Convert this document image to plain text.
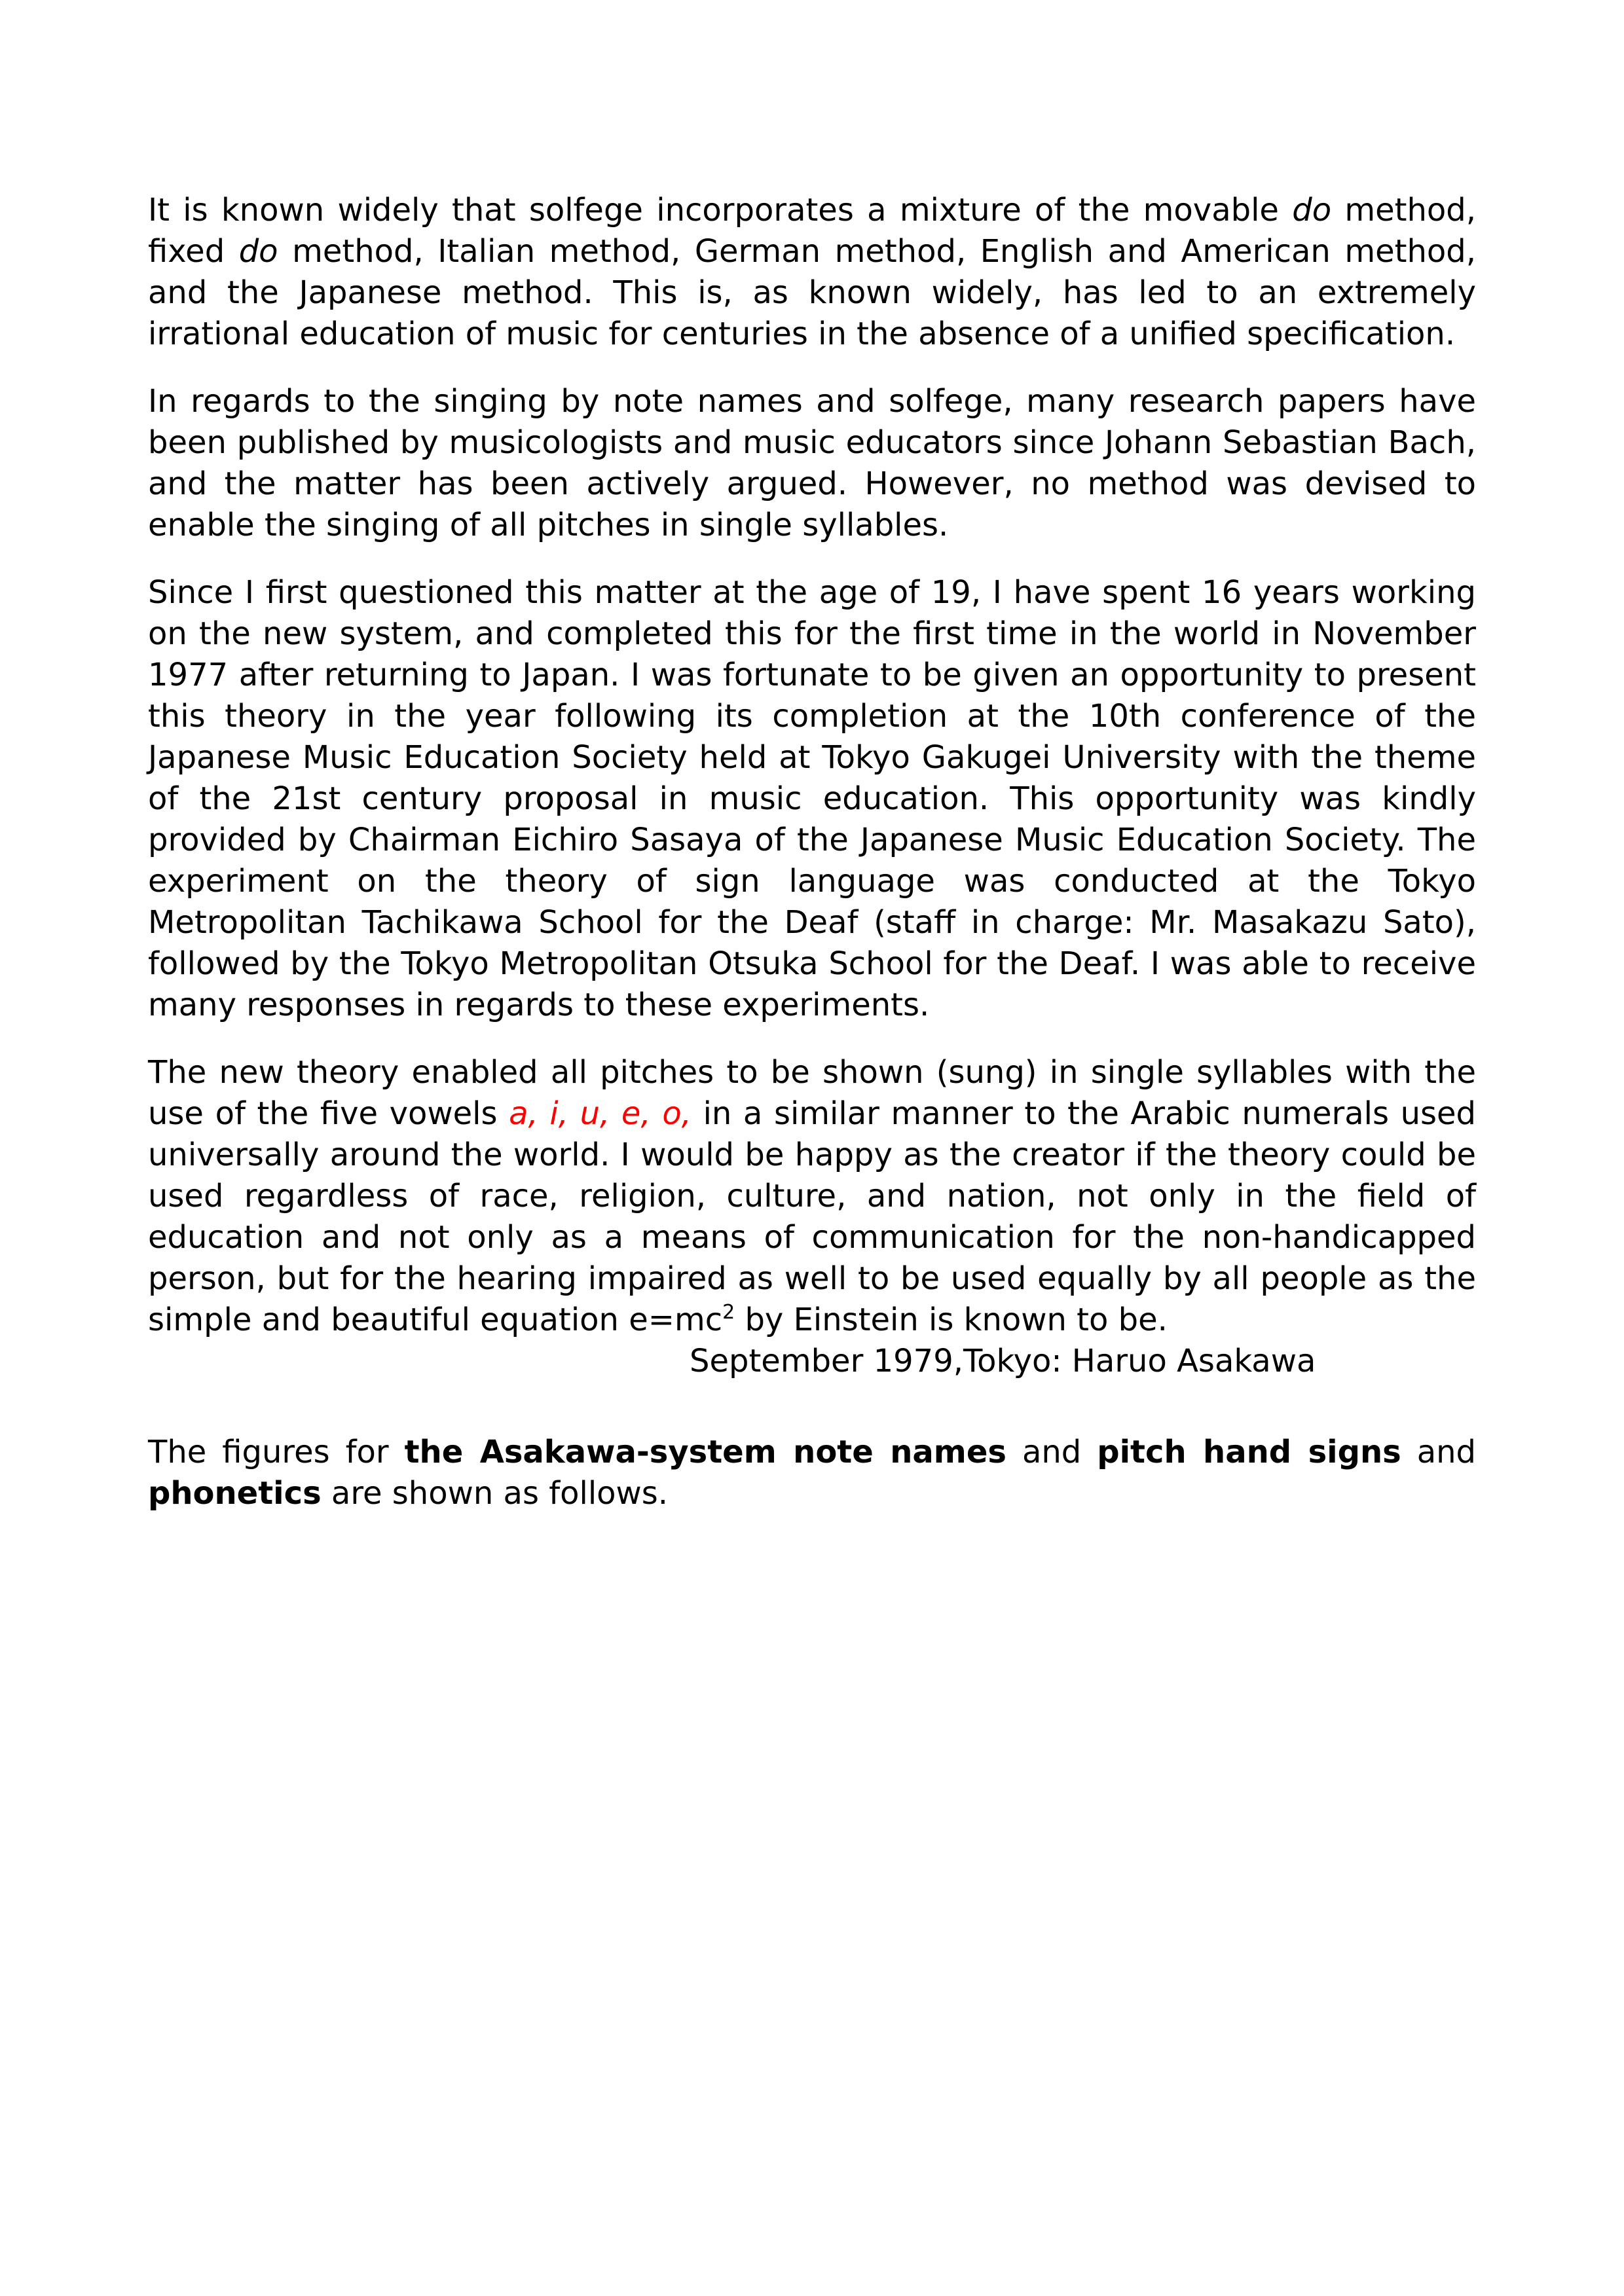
It is known widely that solfege incorporates a mixture of the movable do method, fixed do method, Italian method, German method, English and American method, and the Japanese method. This is, as known widely, has led to an extremely irrational education of music for centuries in the absence of a unified specification.

In regards to the singing by note names and solfege, many research papers have been published by musicologists and music educators since Johann Sebastian Bach, and the matter has been actively argued. However, no method was devised to enable the singing of all pitches in single syllables.

Since I first questioned this matter at the age of 19, I have spent 16 years working on the new system, and completed this for the first time in the world in November 1977 after returning to Japan. I was fortunate to be given an opportunity to present this theory in the year following its completion at the 10th conference of the Japanese Music Education Society held at Tokyo Gakugei University with the theme of the 21st century proposal in music education. This opportunity was kindly provided by Chairman Eichiro Sasaya of the Japanese Music Education Society. The experiment on the theory of sign language was conducted at the Tokyo Metropolitan Tachikawa School for the Deaf (staff in charge: Mr. Masakazu Sato), followed by the Tokyo Metropolitan Otsuka School for the Deaf. I was able to receive many responses in regards to these experiments.

The new theory enabled all pitches to be shown (sung) in single syllables with the use of the five vowels a, i, u, e, o, in a similar manner to the Arabic numerals used universally around the world. I would be happy as the creator if the theory could be used regardless of race, religion, culture, and nation, not only in the field of education and not only as a means of communication for the non-handicapped person, but for the hearing impaired as well to be used equally by all people as the simple and beautiful equation $e=mc^2$ by Einstein is known to be.

September 1979,Tokyo: Haruo Asakawa

The figures for the Asakawa-system note names and pitch hand signs and phonetics are shown as follows.
